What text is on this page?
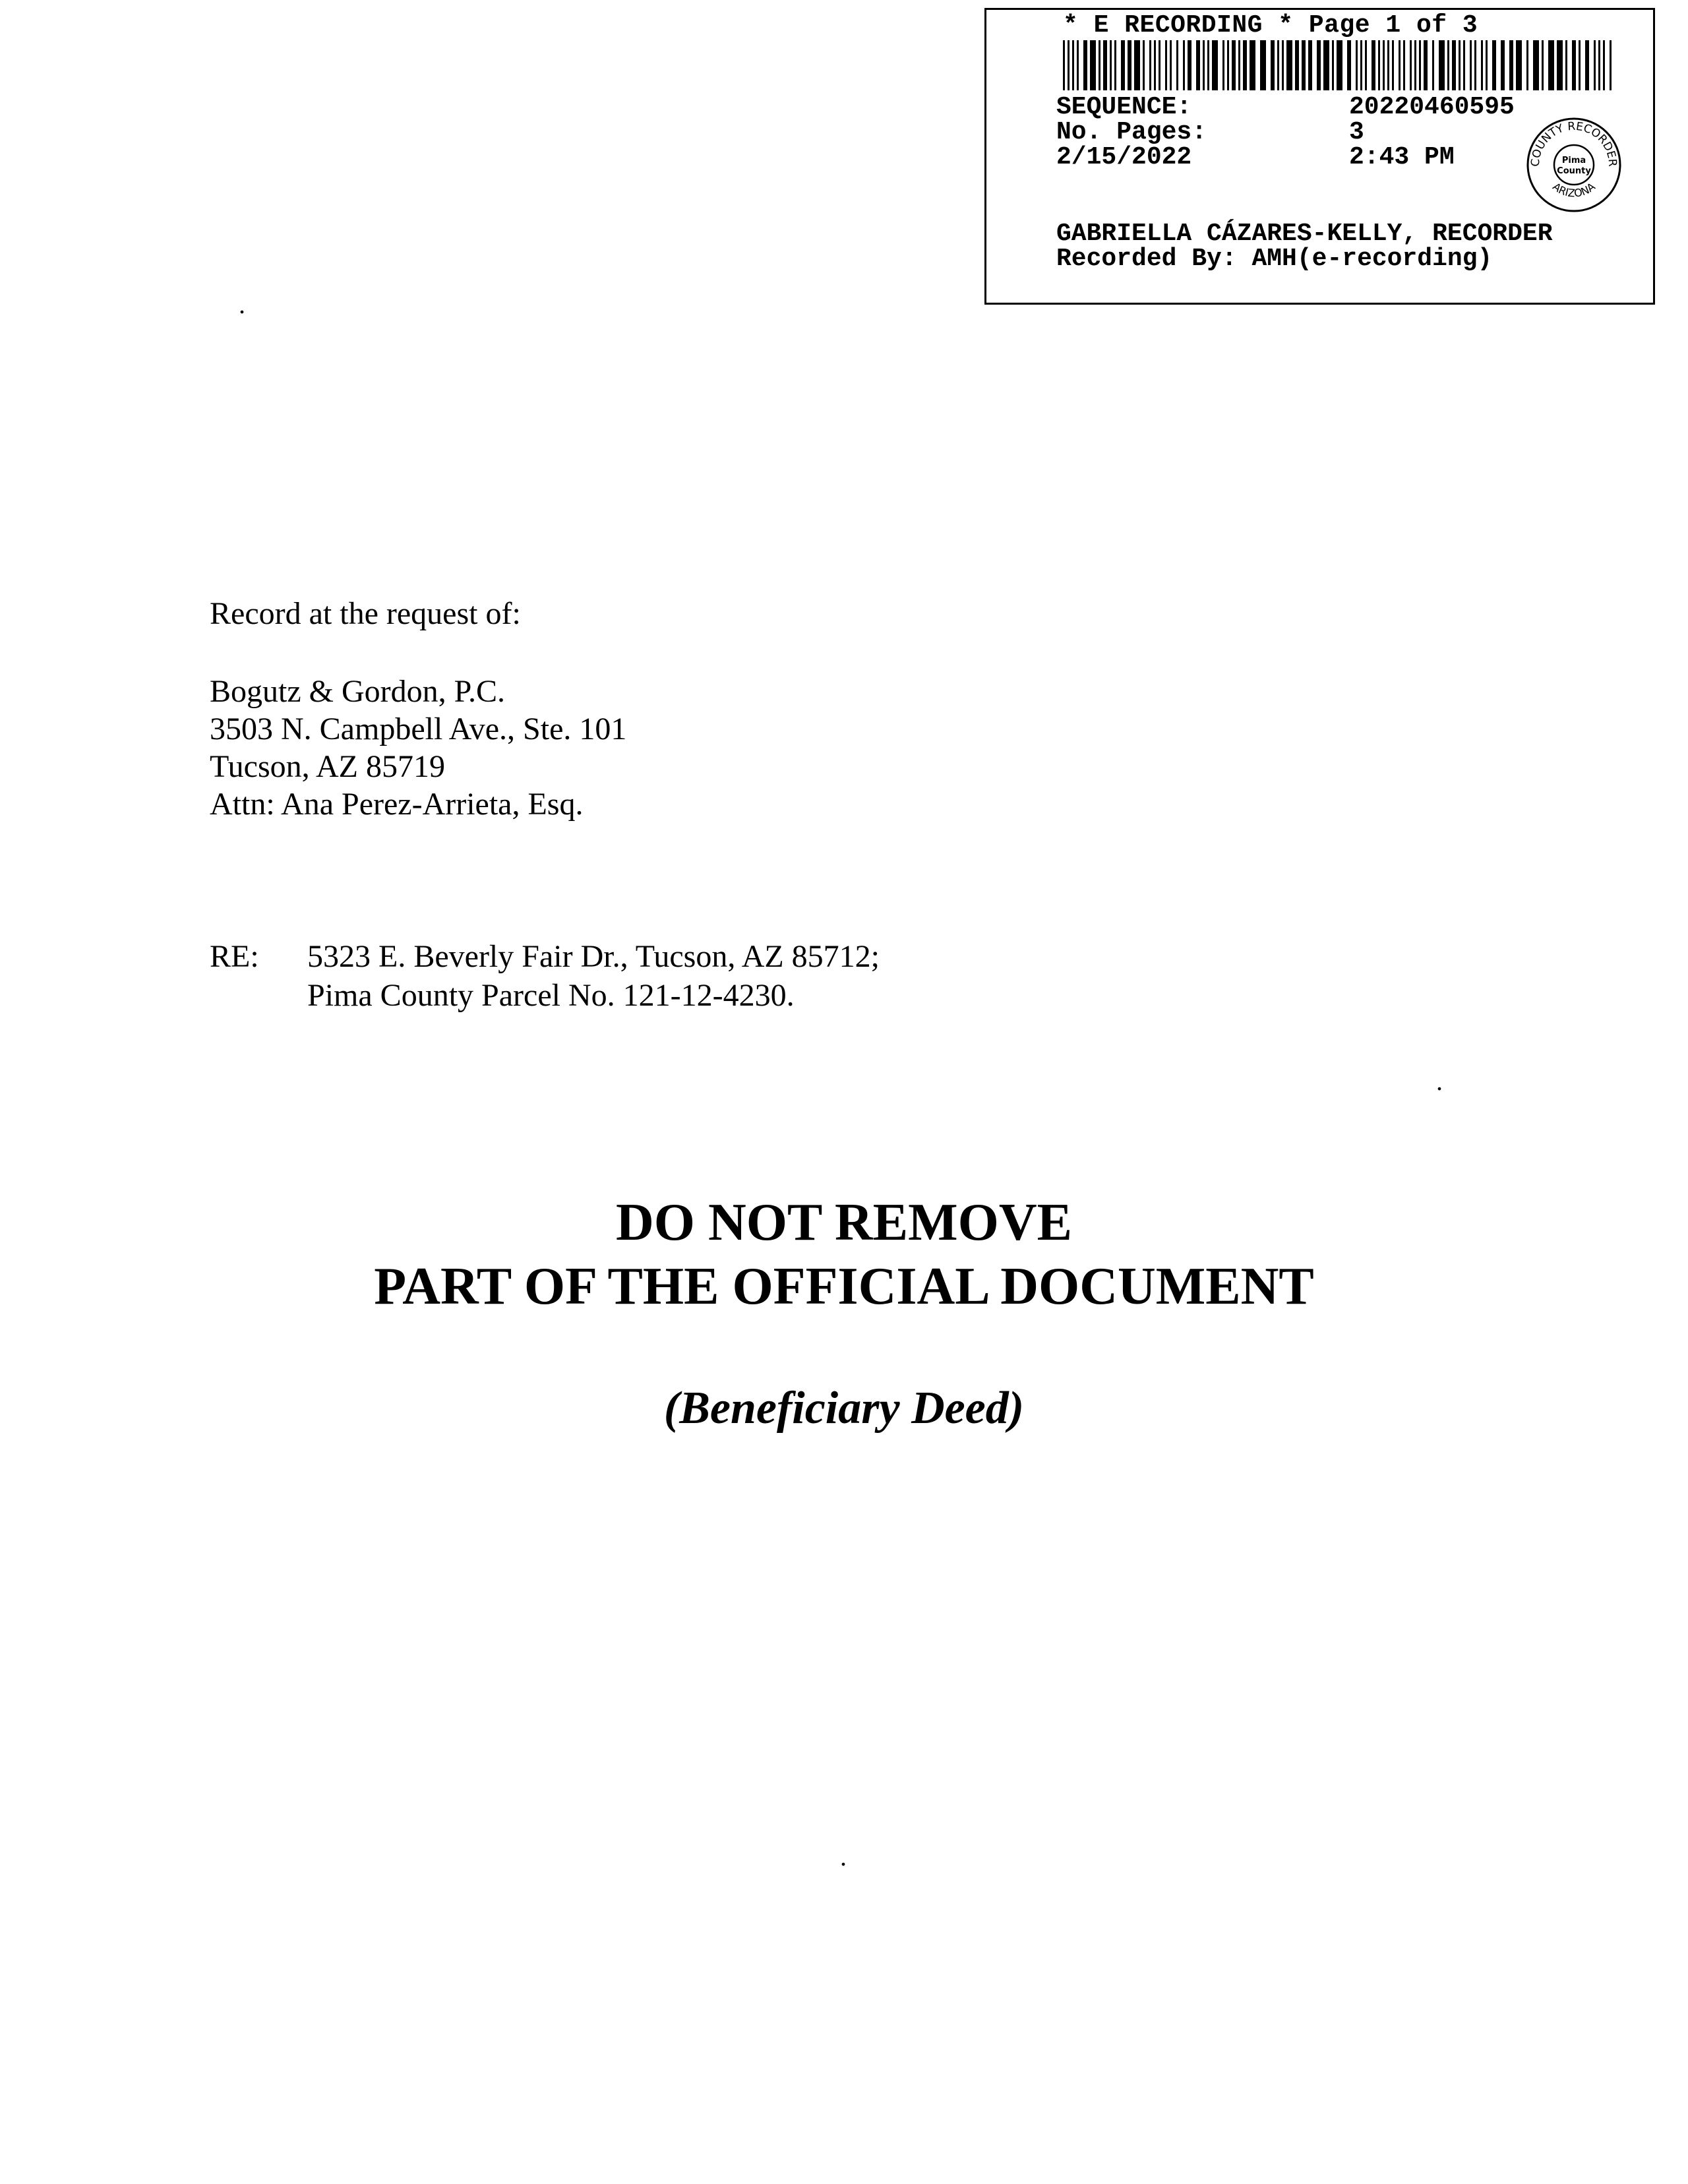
* E RECORDING * Page 1 of 3
SEQUENCE:	20220460595
No. Pages:	3
2/15/2022	2:43 PM	COUNTY RECORDER
ARIZONA
Pima
County
GABRIELLA CÁZARES-KELLY, RECORDER
Recorded By: AMH(e-recording)
.
.
.
Record at the request of:
Bogutz & Gordon, P.C.
3503 N. Campbell Ave., Ste. 101
Tucson, AZ 85719
Attn: Ana Perez-Arrieta, Esq.
RE: 5323 E. Beverly Fair Dr., Tucson, AZ 85712;
Pima County Parcel No. 121-12-4230.
DO NOT REMOVE
PART OF THE OFFICIAL DOCUMENT
(Beneficiary Deed)
